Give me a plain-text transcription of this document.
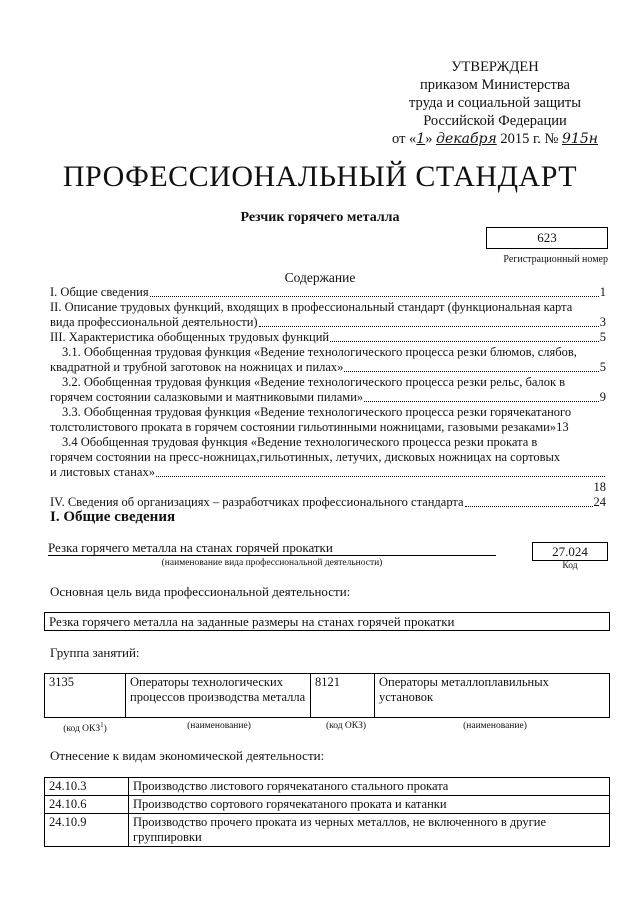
УТВЕРЖДЕН
приказом Министерства
труда и социальной защиты
Российской Федерации
от «1» декабря 2015 г. № 915н
ПРОФЕССИОНАЛЬНЫЙ СТАНДАРТ
Резчик горячего металла
623
Регистрационный номер
Содержание
I. Общие сведения	1
II. Описание трудовых функций, входящих в профессиональный стандарт (функциональная карта
вида профессиональной деятельности)	3
III. Характеристика обобщенных трудовых функций	5
3.1. Обобщенная трудовая функция «Ведение технологического процесса резки блюмов, слябов,
квадратной и трубной заготовок на ножницах и пилах»	5
3.2. Обобщенная трудовая функция «Ведение технологического процесса резки рельс, балок в
горячем состоянии салазковыми и маятниковыми пилами»	9
3.3. Обобщенная трудовая функция «Ведение технологического процесса резки горячекатаного
толстолистового проката в горячем состоянии гильотинными ножницами, газовыми резаками» 13
3.4 Обобщенная трудовая функция «Ведение технологического процесса резки проката в
горячем состоянии на пресс-ножницах,гильотинных, летучих, дисковых ножницах на сортовых
и листовых станах»
18
IV. Сведения об организациях – разработчиках профессионального стандарта	24
I. Общие сведения
Резка горячего металла на станах горячей прокатки
(наименование вида профессиональной деятельности)
27.024
Код
Основная цель вида профессиональной деятельности:
Резка горячего металла на заданные размеры на станах горячей прокатки
Группа занятий:
3135	Операторы технологических процессов производства металла	8121	Операторы металлоплавильных установок
(код ОКЗ$^1$)	(наименование)	(код ОКЗ)	(наименование)
Отнесение к видам экономической деятельности:
24.10.3	Производство листового горячекатаного стального проката
24.10.6	Производство сортового горячекатаного проката и катанки
24.10.9	Производство прочего проката из черных металлов, не включенного в другие группировки
